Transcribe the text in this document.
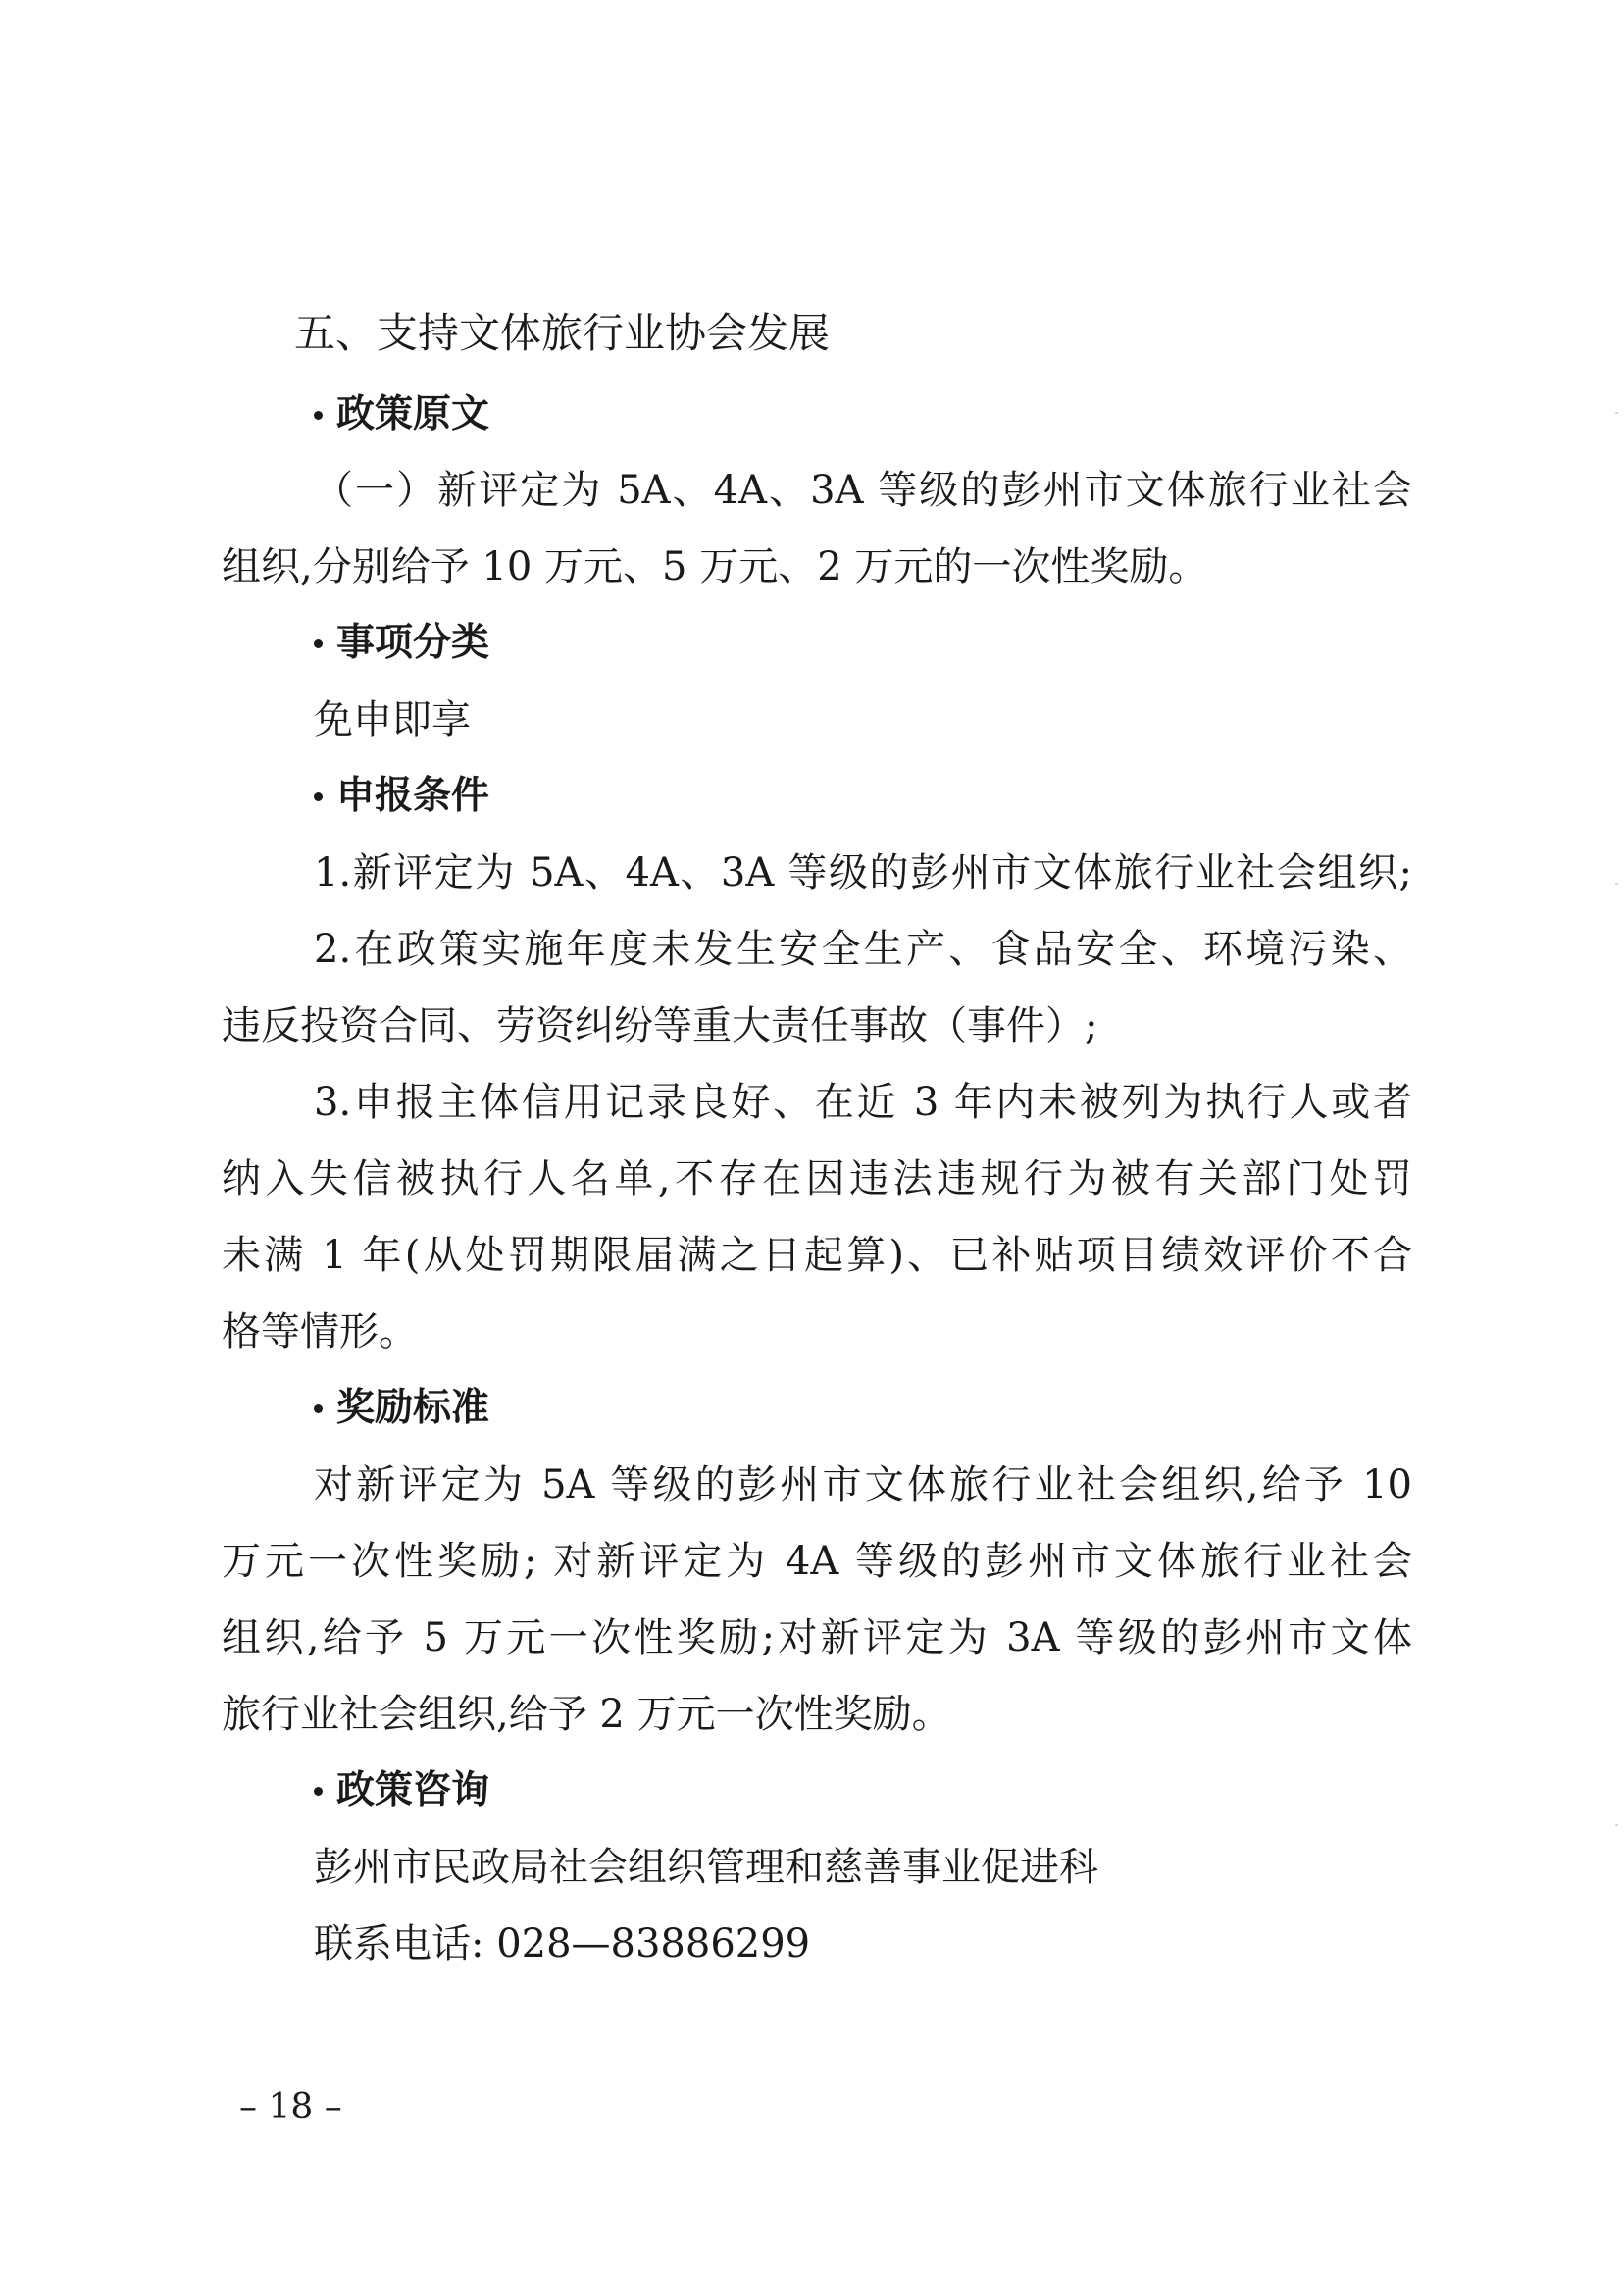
五、支持文体旅行业协会发展
政策原文
（一）新评定为 5A、4A、3A 等级的彭州市文体旅行业社会
组织,分别给予 10 万元、5 万元、2 万元的一次性奖励。
事项分类
免申即享
申报条件
1.新评定为 5A、4A、3A 等级的彭州市文体旅行业社会组织;
2.在政策实施年度未发生安全生产、食品安全、环境污染、
违反投资合同、劳资纠纷等重大责任事故（事件）;
3.申报主体信用记录良好、在近 3 年内未被列为执行人或者
纳入失信被执行人名单,不存在因违法违规行为被有关部门处罚
未满 1 年(从处罚期限届满之日起算)、已补贴项目绩效评价不合
格等情形。
奖励标准
对新评定为 5A 等级的彭州市文体旅行业社会组织,给予 10
万元一次性奖励; 对新评定为 4A 等级的彭州市文体旅行业社会
组织,给予 5 万元一次性奖励;对新评定为 3A 等级的彭州市文体
旅行业社会组织,给予 2 万元一次性奖励。
政策咨询
彭州市民政局社会组织管理和慈善事业促进科
联系电话: 028—83886299
– 18 –
